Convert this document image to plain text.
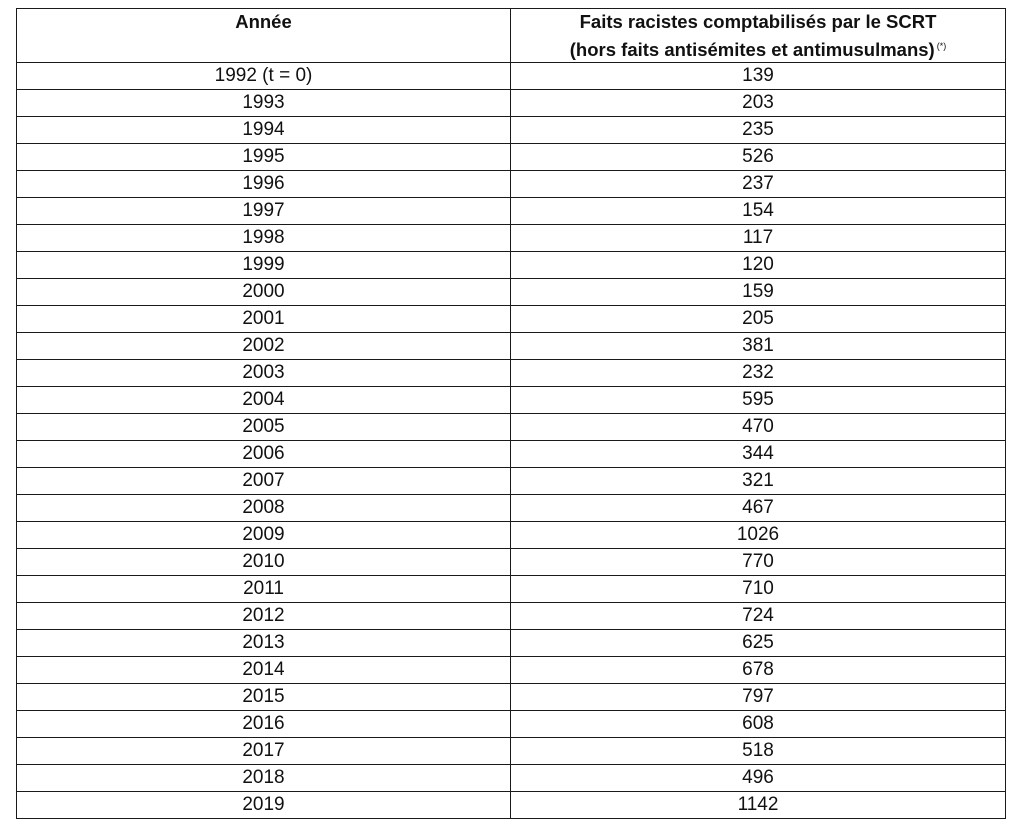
Année	Faits racistes comptabilisés par le SCRT
(hors faits antisémites et antimusulmans) (*)

1992 (t = 0)	139
1993	203
1994	235
1995	526
1996	237
1997	154
1998	117
1999	120
2000	159
2001	205
2002	381
2003	232
2004	595
2005	470
2006	344
2007	321
2008	467
2009	1026
2010	770
2011	710
2012	724
2013	625
2014	678
2015	797
2016	608
2017	518
2018	496
2019	1142
